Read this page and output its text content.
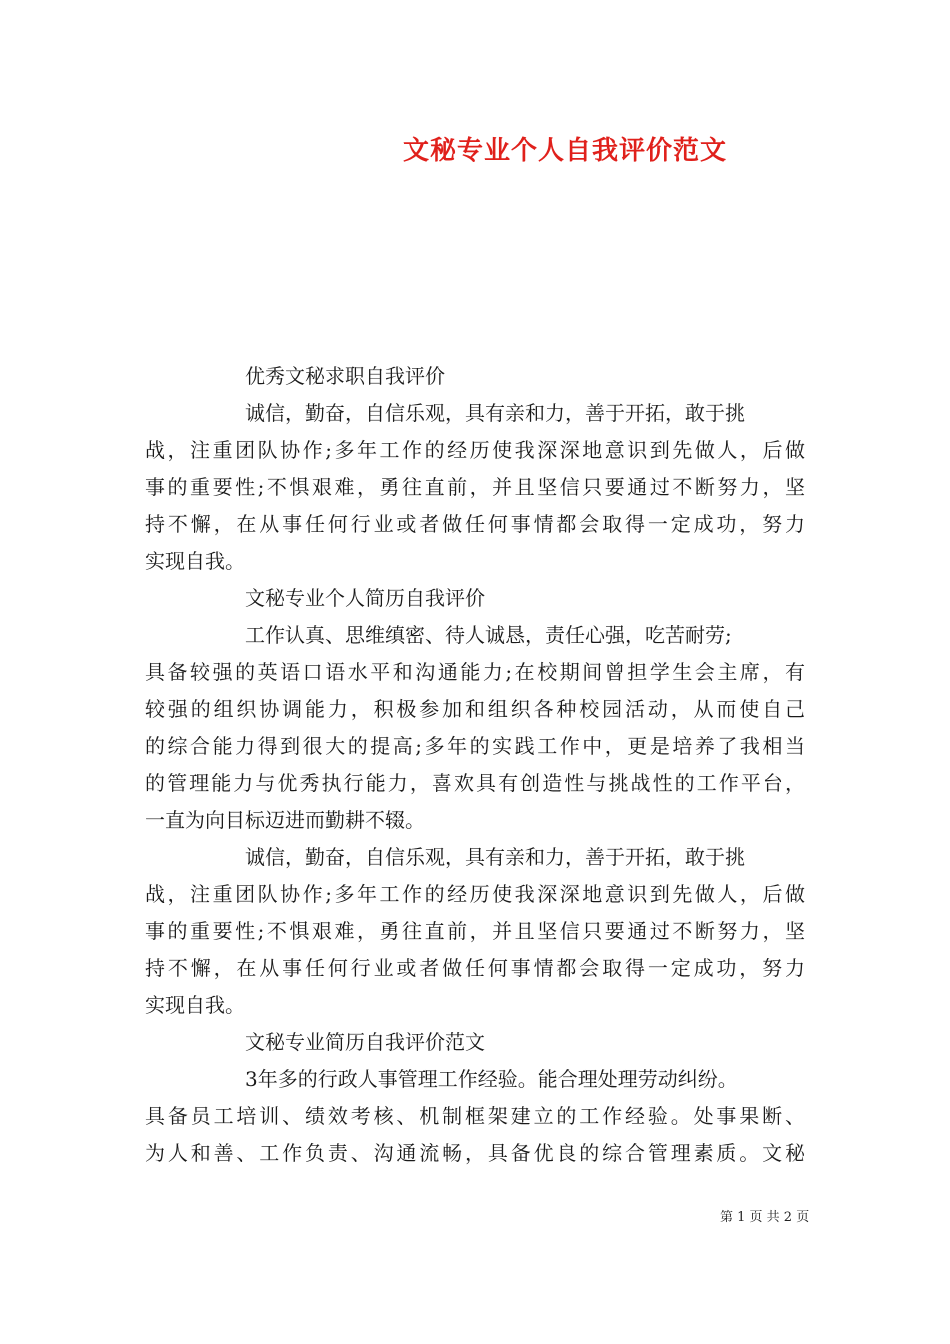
文秘专业个人自我评价范文
优秀文秘求职自我评价
诚信，勤奋，自信乐观，具有亲和力，善于开拓，敢于挑
战，注重团队协作;多年工作的经历使我深深地意识到先做人，后做
事的重要性;不惧艰难，勇往直前，并且坚信只要通过不断努力，坚
持不懈，在从事任何行业或者做任何事情都会取得一定成功，努力
实现自我。
文秘专业个人简历自我评价
工作认真、思维缜密、待人诚恳，责任心强，吃苦耐劳;
具备较强的英语口语水平和沟通能力;在校期间曾担学生会主席，有
较强的组织协调能力，积极参加和组织各种校园活动，从而使自己
的综合能力得到很大的提高;多年的实践工作中，更是培养了我相当
的管理能力与优秀执行能力，喜欢具有创造性与挑战性的工作平台，
一直为向目标迈进而勤耕不辍。
诚信，勤奋，自信乐观，具有亲和力，善于开拓，敢于挑
战，注重团队协作;多年工作的经历使我深深地意识到先做人，后做
事的重要性;不惧艰难，勇往直前，并且坚信只要通过不断努力，坚
持不懈，在从事任何行业或者做任何事情都会取得一定成功，努力
实现自我。
文秘专业简历自我评价范文
3年多的行政人事管理工作经验。能合理处理劳动纠纷。
具备员工培训、绩效考核、机制框架建立的工作经验。处事果断、
为人和善、工作负责、沟通流畅，具备优良的综合管理素质。文秘
第 1 页 共 2 页
